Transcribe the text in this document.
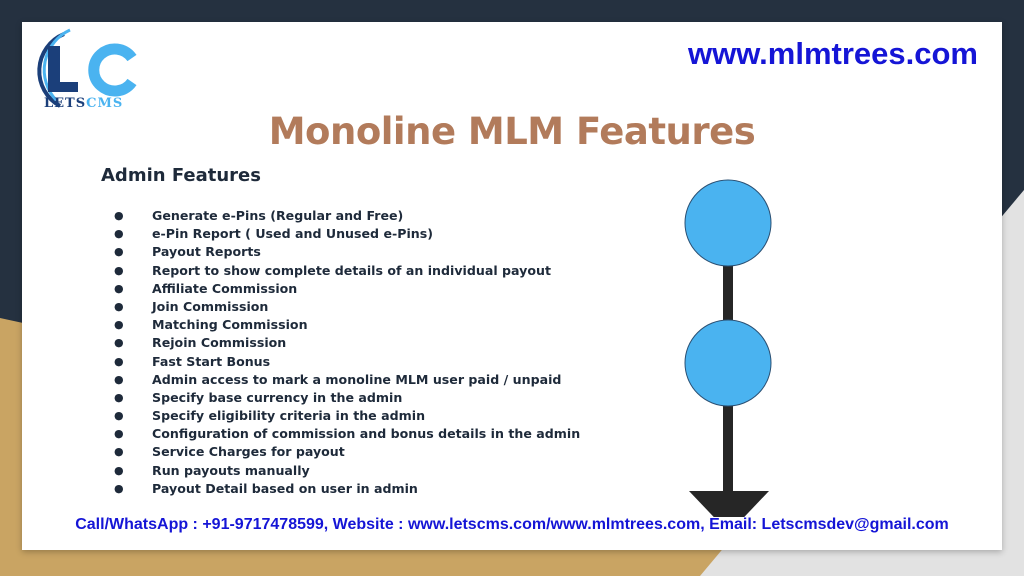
LETSCMS
www.mlmtrees.com
Monoline MLM Features
Admin Features
● Generate e-Pins (Regular and Free)
● e-Pin Report ( Used and Unused e-Pins)
● Payout Reports
● Report to show complete details of an individual payout
● Affiliate Commission
● Join Commission
● Matching Commission
● Rejoin Commission
● Fast Start Bonus
● Admin access to mark a monoline MLM user paid / unpaid
● Specify base currency in the admin
● Specify eligibility criteria in the admin
● Configuration of commission and bonus details in the admin
● Service Charges for payout
● Run payouts manually
● Payout Detail based on user in admin
Call/WhatsApp : +91-9717478599, Website : www.letscms.com/www.mlmtrees.com, Email: Letscmsdev@gmail.com
